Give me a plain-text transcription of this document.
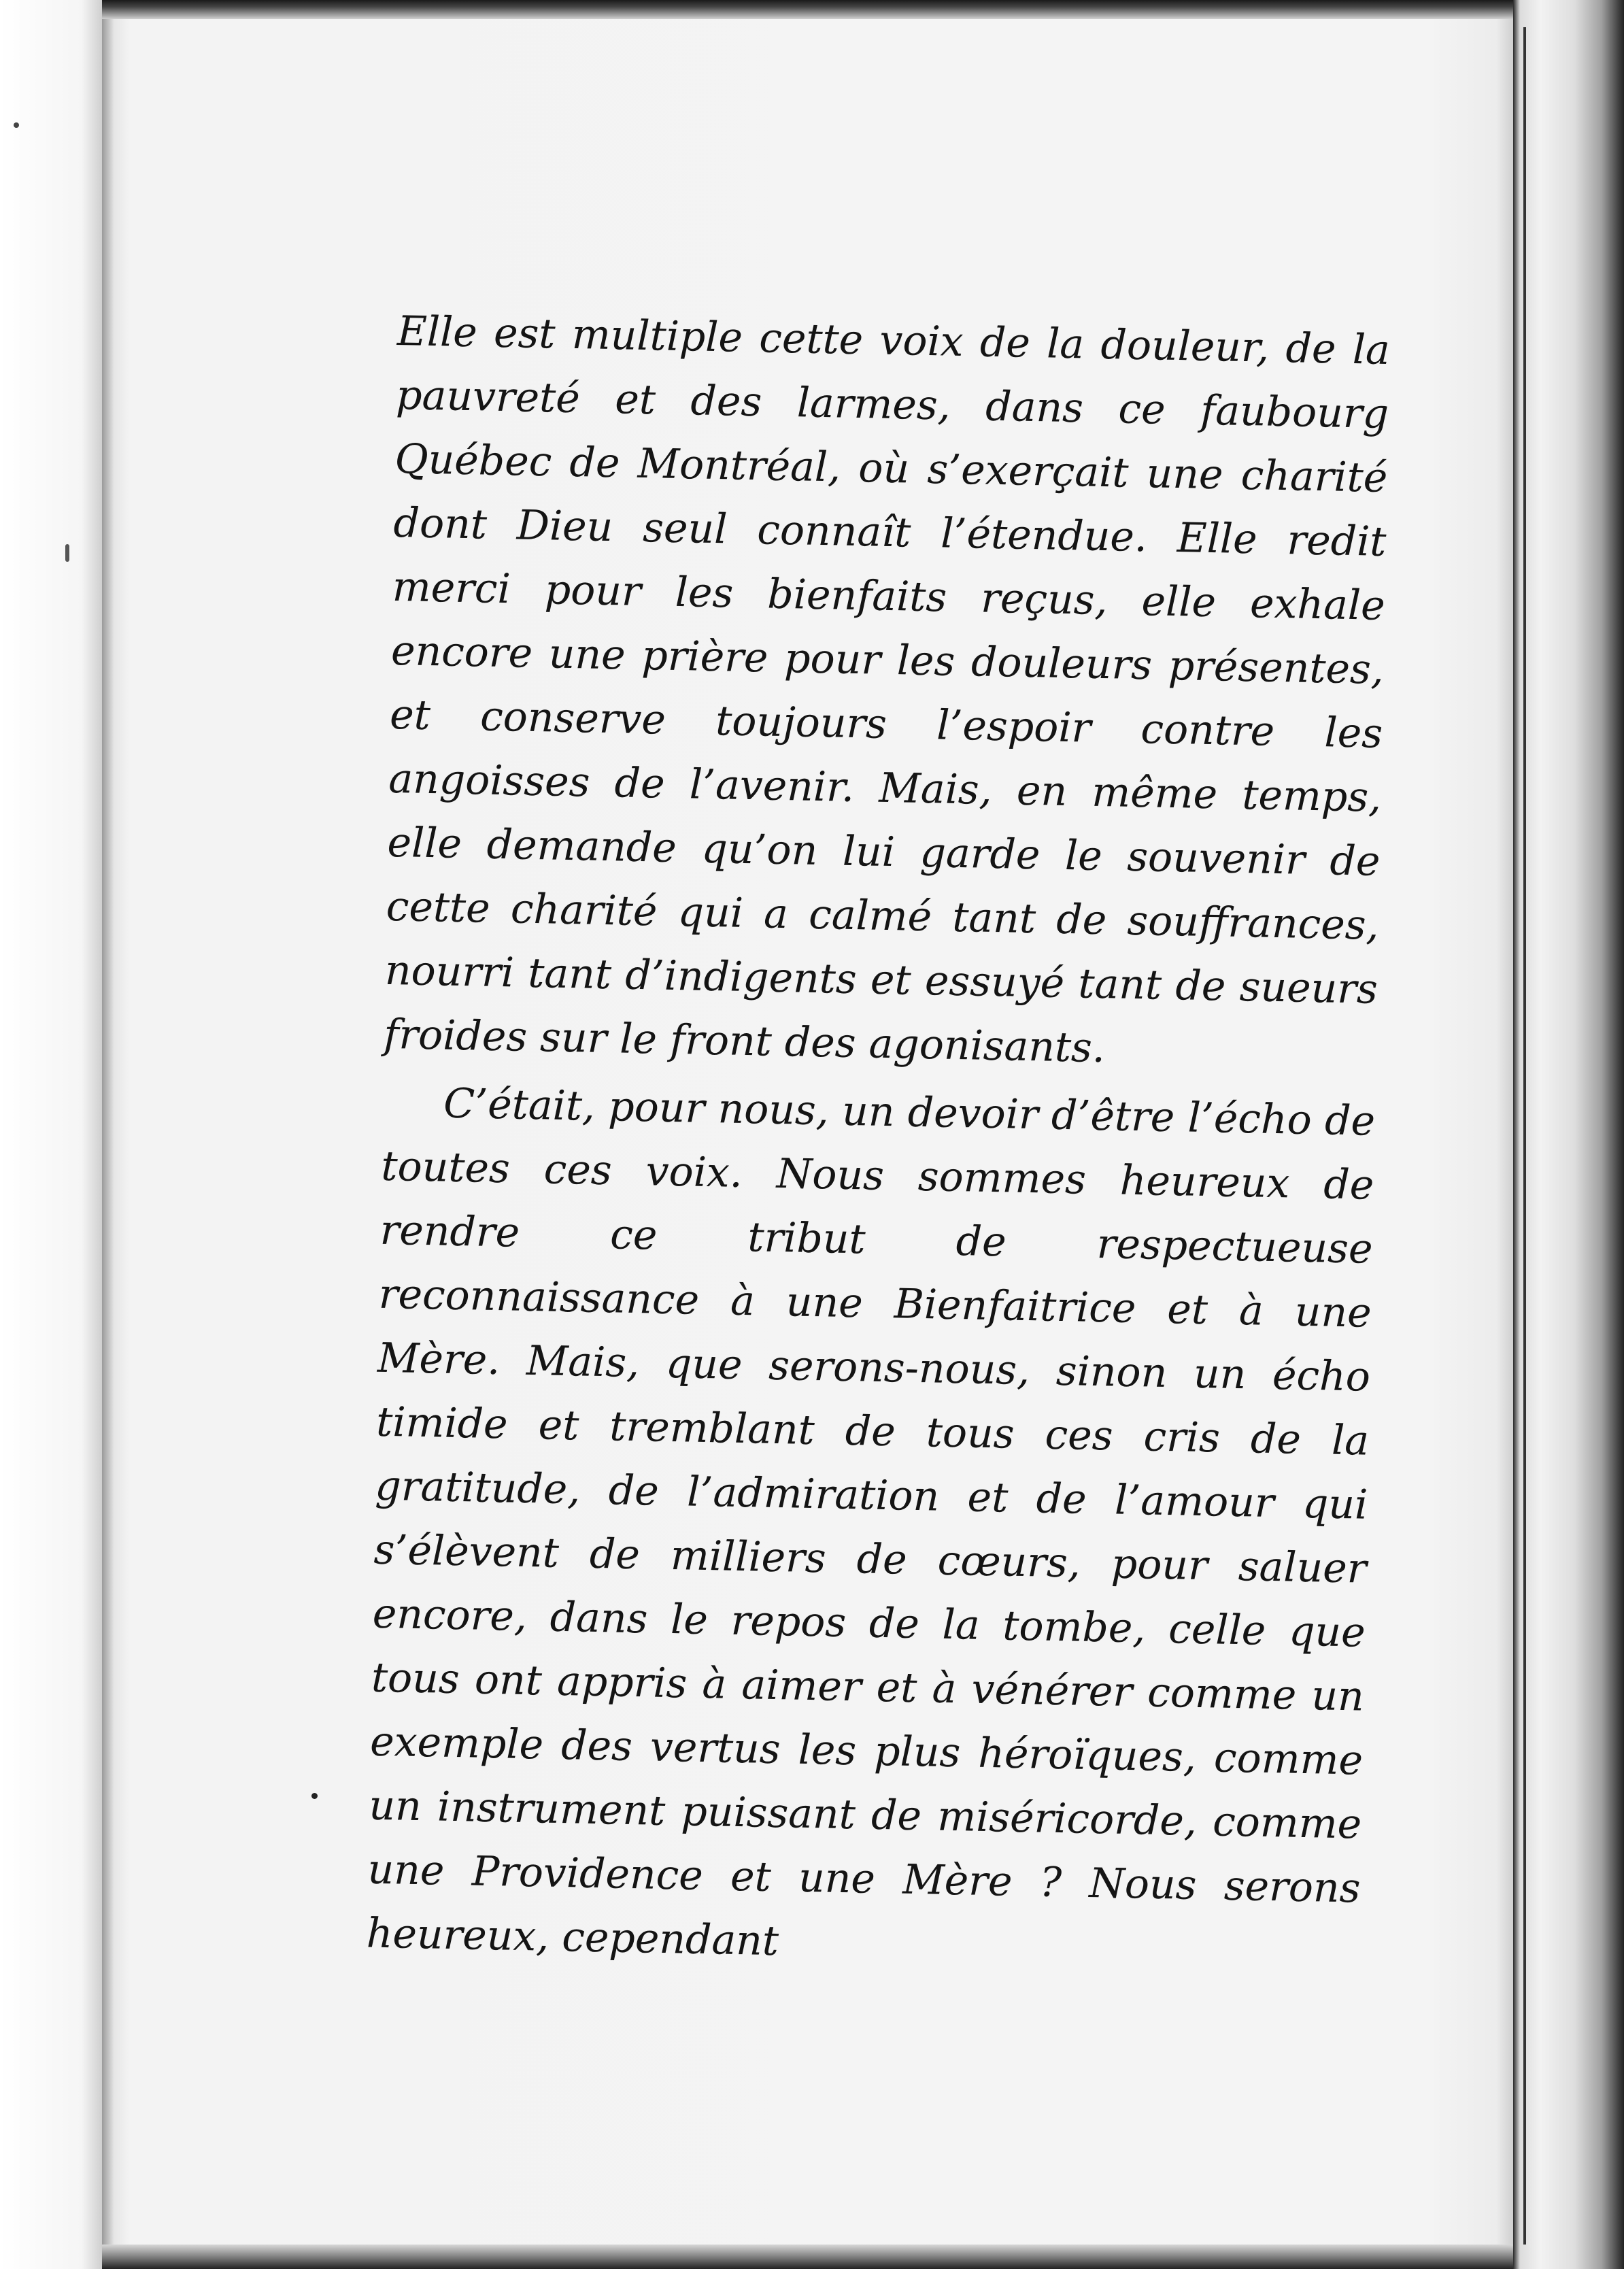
Elle est multiple cette voix de la douleur, de la pauvreté et des larmes, dans ce faubourg Québec de Montréal, où s’exerçait une charité dont Dieu seul connaît l’étendue. Elle redit merci pour les bienfaits reçus, elle exhale encore une prière pour les douleurs présentes, et conserve toujours l’espoir contre les angoisses de l’avenir. Mais, en même temps, elle demande qu’on lui garde le souvenir de cette charité qui a calmé tant de souffrances, nourri tant d’indigents et essuyé tant de sueurs froides sur le front des agonisants.

C’était, pour nous, un devoir d’être l’écho de toutes ces voix. Nous sommes heureux de rendre ce tribut de respectueuse reconnaissance à une Bienfaitrice et à une Mère. Mais, que serons-nous, sinon un écho timide et tremblant de tous ces cris de la gratitude, de l’admiration et de l’amour qui s’élèvent de milliers de cœurs, pour saluer encore, dans le repos de la tombe, celle que tous ont appris à aimer et à vénérer comme un exemple des vertus les plus héroïques, comme un instrument puissant de miséricorde, comme une Providence et une Mère ? Nous serons heureux, cependant
